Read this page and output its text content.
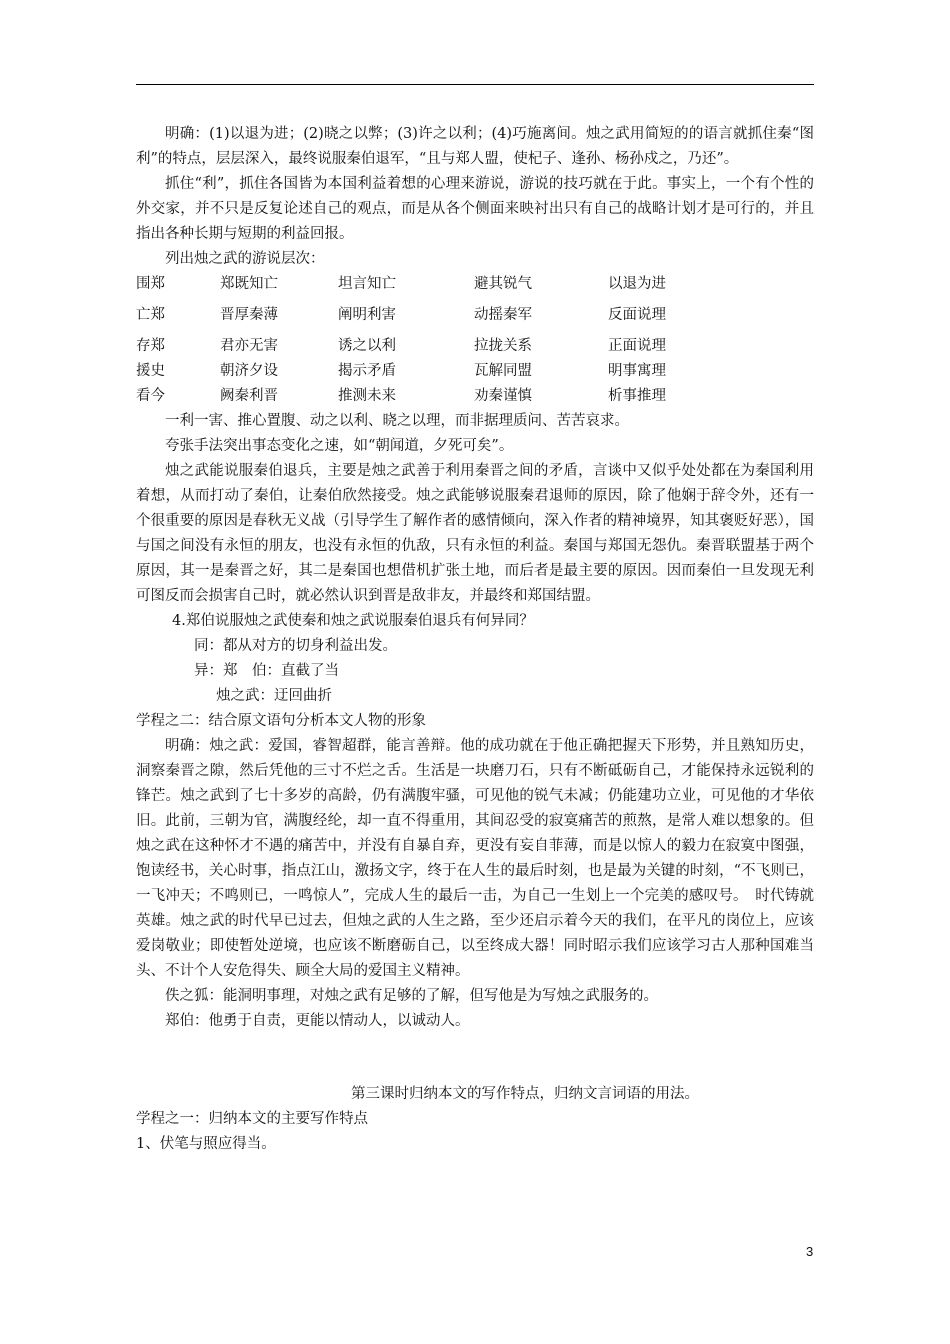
明确：(1)以退为进；(2)晓之以弊；(3)许之以利；(4)巧施离间。烛之武用简短的的语言就抓住秦“图利”的特点，层层深入，最终说服秦伯退军，“且与郑人盟，使杞子、逢孙、杨孙戍之，乃还”。

抓住“利”，抓住各国皆为本国利益着想的心理来游说，游说的技巧就在于此。事实上，一个有个性的外交家，并不只是反复论述自己的观点，而是从各个侧面来映衬出只有自己的战略计划才是可行的，并且指出各种长期与短期的利益回报。

列出烛之武的游说层次：

围郑	郑既知亡	坦言知亡	避其锐气	以退为进
亡郑	晋厚秦薄	阐明利害	动摇秦军	反面说理
存郑	君亦无害	诱之以利	拉拢关系	正面说理
援史	朝济夕设	揭示矛盾	瓦解同盟	明事寓理
看今	阙秦利晋	推测未来	劝秦谨慎	析事推理

一利一害、推心置腹、动之以利、晓之以理，而非据理质问、苦苦哀求。

夸张手法突出事态变化之速，如“朝闻道，夕死可矣”。

烛之武能说服秦伯退兵，主要是烛之武善于利用秦晋之间的矛盾，言谈中又似乎处处都在为秦国利用着想，从而打动了秦伯，让秦伯欣然接受。烛之武能够说服秦君退师的原因，除了他娴于辞令外，还有一个很重要的原因是春秋无义战（引导学生了解作者的感情倾向，深入作者的精神境界，知其褒贬好恶），国与国之间没有永恒的朋友，也没有永恒的仇敌，只有永恒的利益。秦国与郑国无怨仇。秦晋联盟基于两个原因，其一是秦晋之好，其二是秦国也想借机扩张土地，而后者是最主要的原因。因而秦伯一旦发现无利可图反而会损害自己时，就必然认识到晋是敌非友，并最终和郑国结盟。

4.郑伯说服烛之武使秦和烛之武说服秦伯退兵有何异同？

同：都从对方的切身利益出发。

异：郑　伯：直截了当

烛之武：迂回曲折

学程之二：结合原文语句分析本文人物的形象

明确：烛之武：爱国，睿智超群，能言善辩。他的成功就在于他正确把握天下形势，并且熟知历史，洞察秦晋之隙，然后凭他的三寸不烂之舌。生活是一块磨刀石，只有不断砥砺自己，才能保持永远锐利的锋芒。烛之武到了七十多岁的高龄，仍有满腹牢骚，可见他的锐气未减；仍能建功立业，可见他的才华依旧。此前，三朝为官，满腹经纶，却一直不得重用，其间忍受的寂寞痛苦的煎熬，是常人难以想象的。但烛之武在这种怀才不遇的痛苦中，并没有自暴自弃，更没有妄自菲薄，而是以惊人的毅力在寂寞中图强，饱读经书，关心时事，指点江山，激扬文字，终于在人生的最后时刻，也是最为关键的时刻，“不飞则已，一飞冲天；不鸣则已，一鸣惊人”，完成人生的最后一击，为自己一生划上一个完美的感叹号。　时代铸就英雄。烛之武的时代早已过去，但烛之武的人生之路，至少还启示着今天的我们，在平凡的岗位上，应该爱岗敬业；即使暂处逆境，也应该不断磨砺自己，以至终成大器！同时昭示我们应该学习古人那种国难当头、不计个人安危得失、顾全大局的爱国主义精神。

佚之狐：能洞明事理，对烛之武有足够的了解，但写他是为写烛之武服务的。

郑伯：他勇于自责，更能以情动人，以诚动人。

第三课时归纳本文的写作特点，归纳文言词语的用法。

学程之一：归纳本文的主要写作特点

1、伏笔与照应得当。

3
